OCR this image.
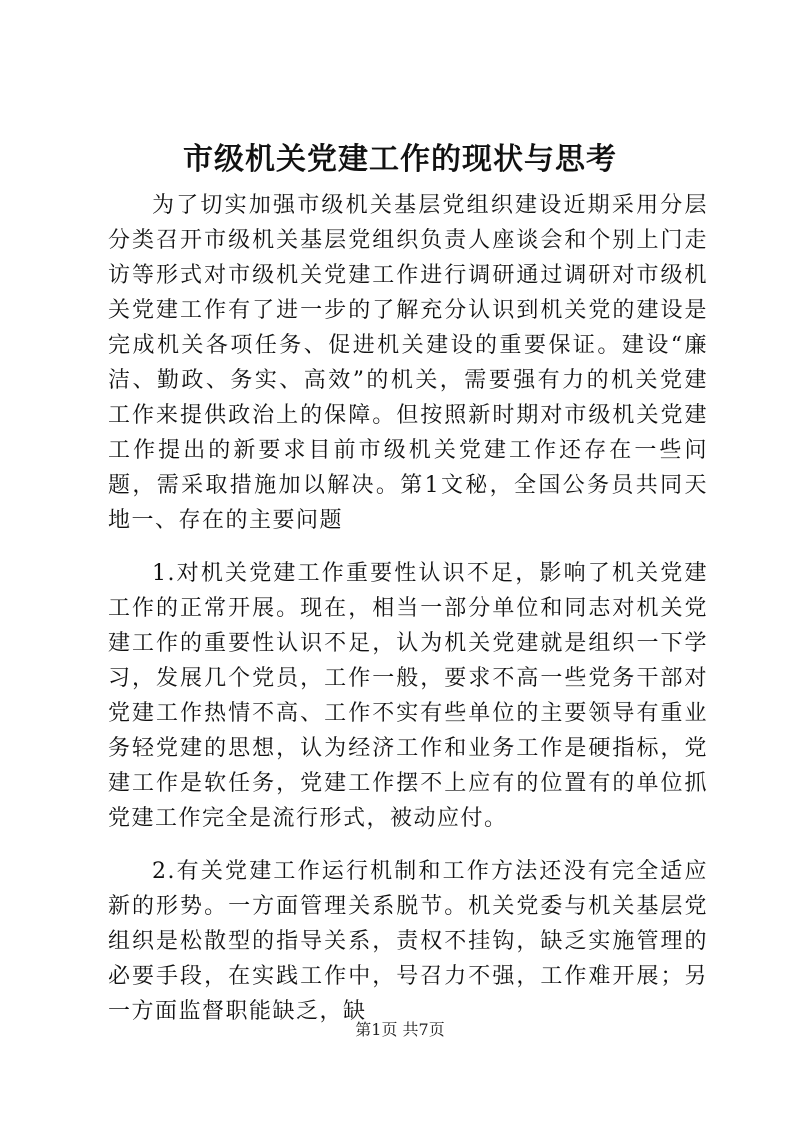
市级机关党建工作的现状与思考

为了切实加强市级机关基层党组织建设近期采用分层分类召开市级机关基层党组织负责人座谈会和个别上门走访等形式对市级机关党建工作进行调研通过调研对市级机关党建工作有了进一步的了解充分认识到机关党的建设是完成机关各项任务、促进机关建设的重要保证。建设“廉洁、勤政、务实、高效”的机关，需要强有力的机关党建工作来提供政治上的保障。但按照新时期对市级机关党建工作提出的新要求目前市级机关党建工作还存在一些问题，需采取措施加以解决。第1文秘，全国公务员共同天地一、存在的主要问题

1.对机关党建工作重要性认识不足，影响了机关党建工作的正常开展。现在，相当一部分单位和同志对机关党建工作的重要性认识不足，认为机关党建就是组织一下学习，发展几个党员，工作一般，要求不高一些党务干部对党建工作热情不高、工作不实有些单位的主要领导有重业务轻党建的思想，认为经济工作和业务工作是硬指标，党建工作是软任务，党建工作摆不上应有的位置有的单位抓党建工作完全是流行形式，被动应付。

2.有关党建工作运行机制和工作方法还没有完全适应新的形势。一方面管理关系脱节。机关党委与机关基层党组织是松散型的指导关系，责权不挂钩，缺乏实施管理的必要手段，在实践工作中，号召力不强，工作难开展；另一方面监督职能缺乏，缺

第1页 共7页
